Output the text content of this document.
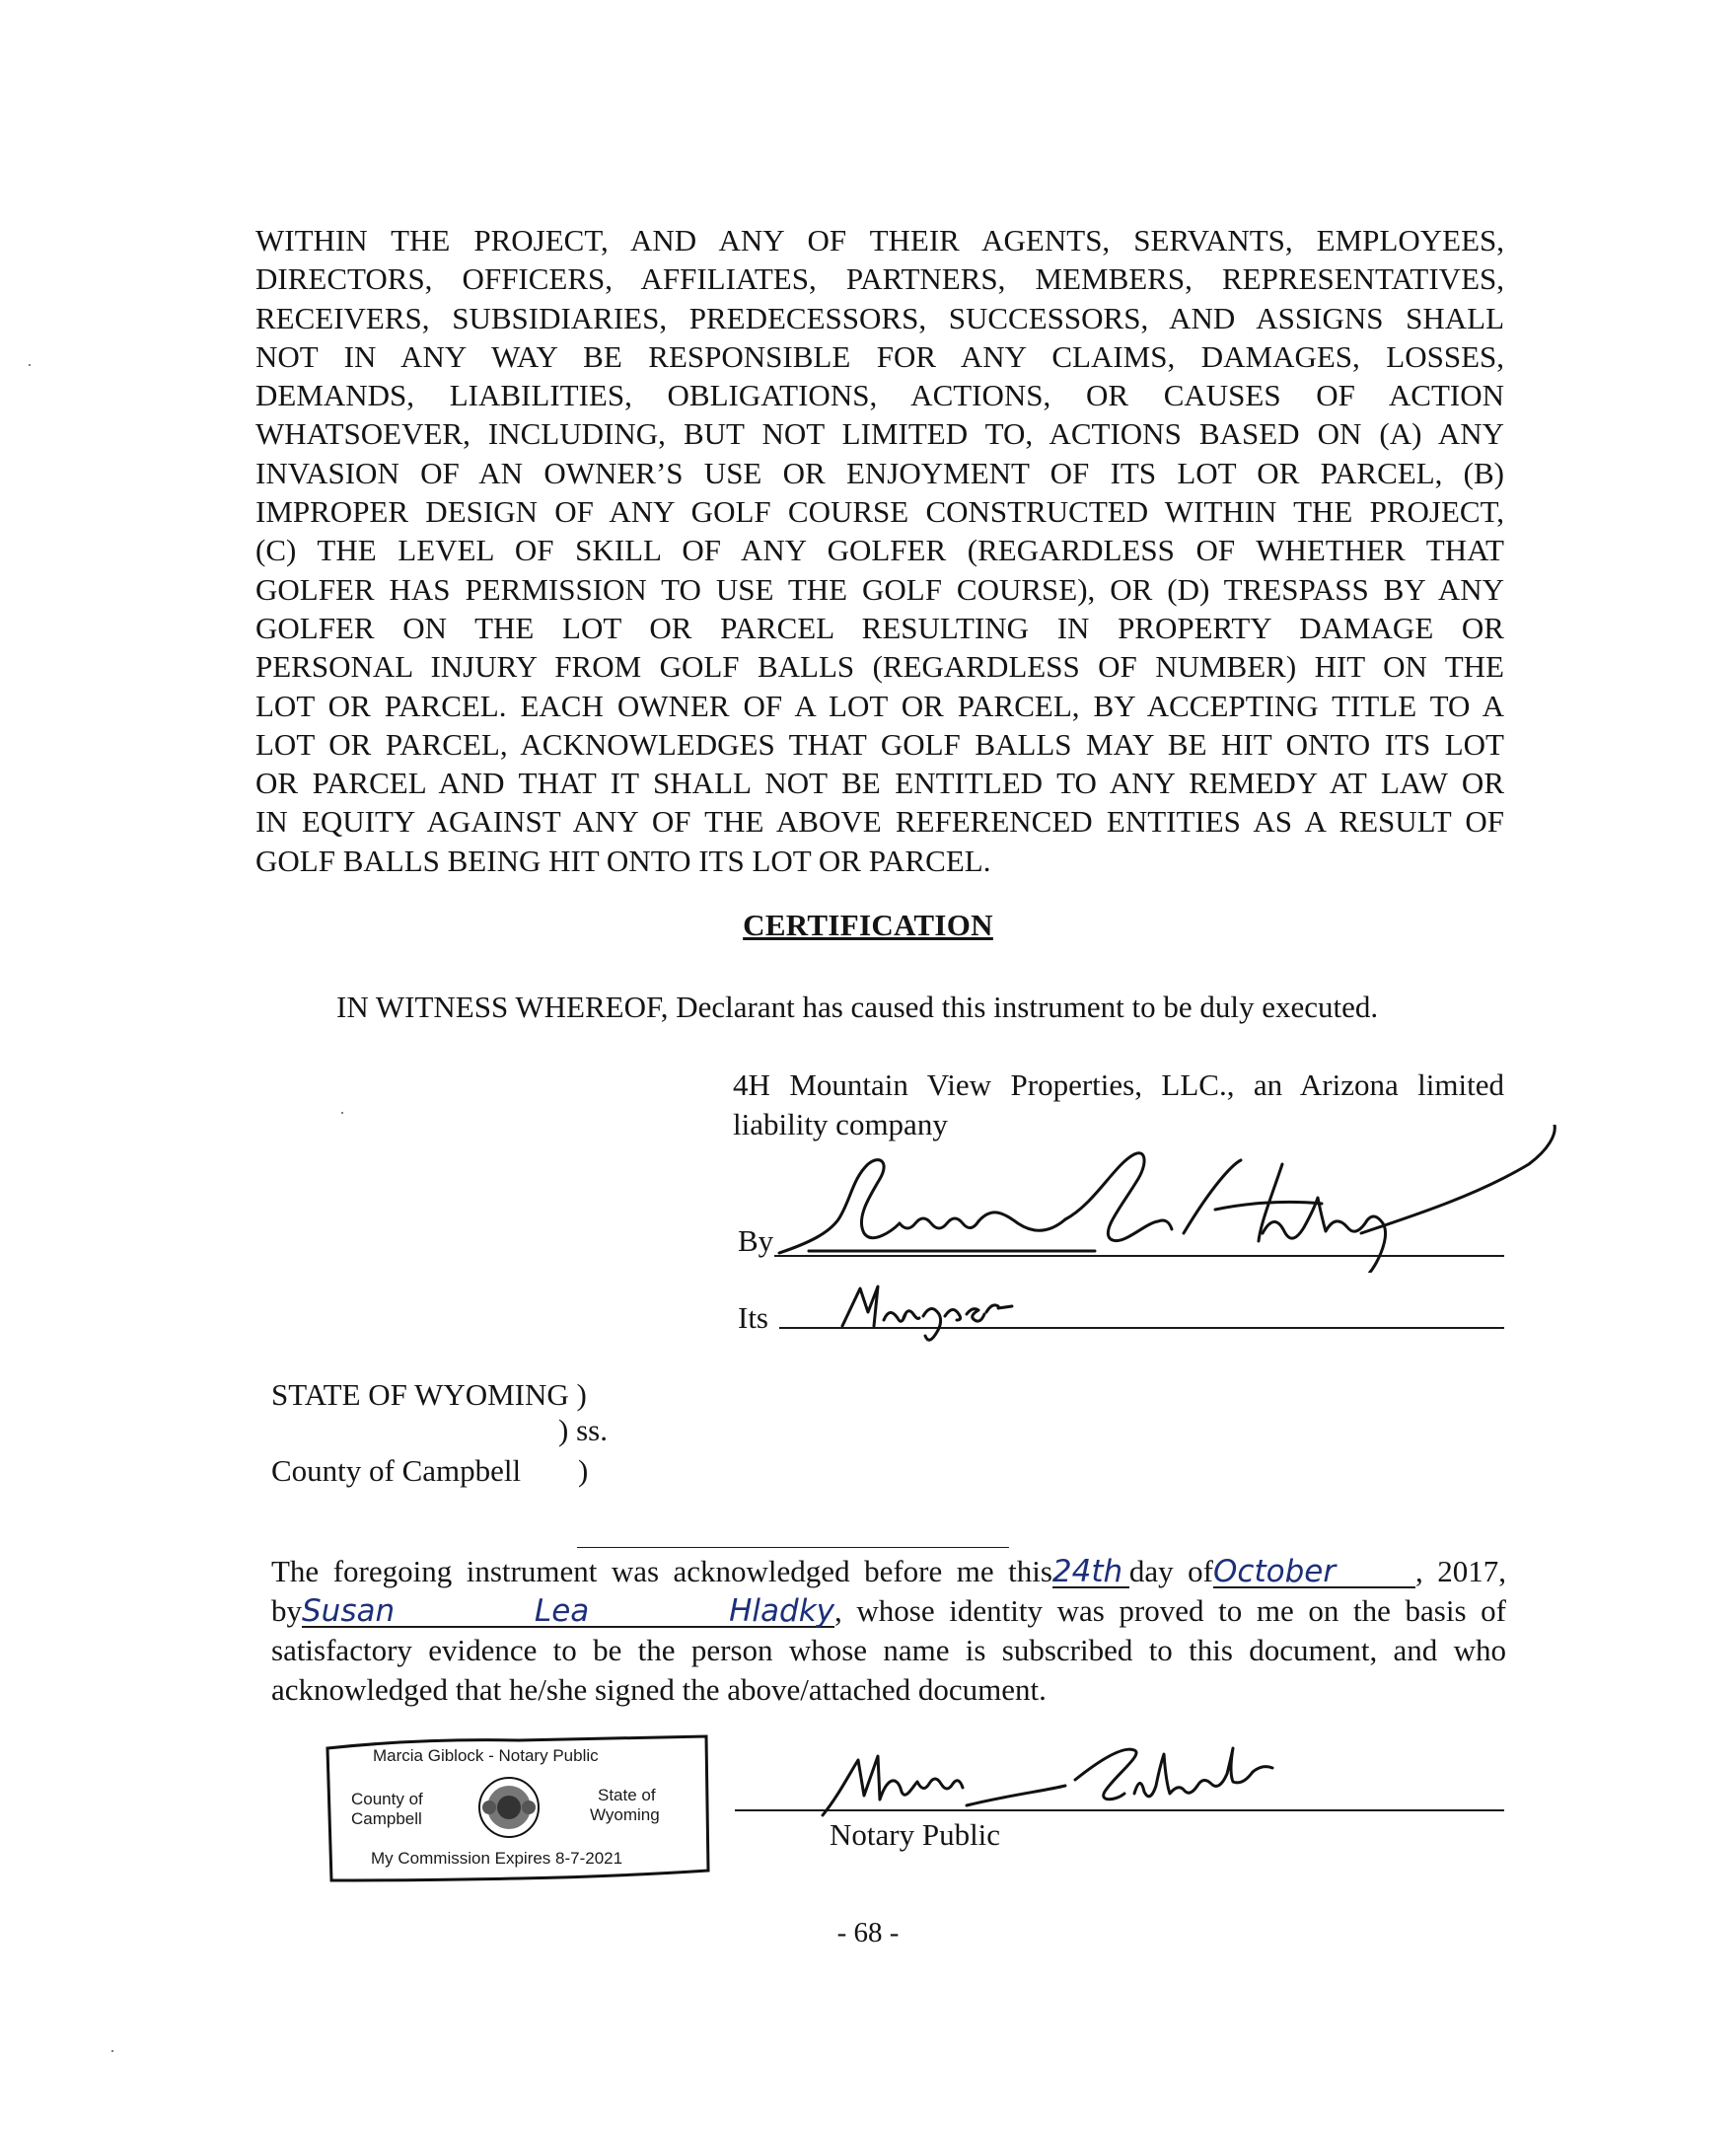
WITHIN THE PROJECT, AND ANY OF THEIR AGENTS, SERVANTS, EMPLOYEES,
DIRECTORS, OFFICERS, AFFILIATES, PARTNERS, MEMBERS, REPRESENTATIVES,
RECEIVERS, SUBSIDIARIES, PREDECESSORS, SUCCESSORS, AND ASSIGNS SHALL
NOT IN ANY WAY BE RESPONSIBLE FOR ANY CLAIMS, DAMAGES, LOSSES,
DEMANDS, LIABILITIES, OBLIGATIONS, ACTIONS, OR CAUSES OF ACTION
WHATSOEVER, INCLUDING, BUT NOT LIMITED TO, ACTIONS BASED ON (A) ANY
INVASION OF AN OWNER’S USE OR ENJOYMENT OF ITS LOT OR PARCEL, (B)
IMPROPER DESIGN OF ANY GOLF COURSE CONSTRUCTED WITHIN THE PROJECT,
(C) THE LEVEL OF SKILL OF ANY GOLFER (REGARDLESS OF WHETHER THAT
GOLFER HAS PERMISSION TO USE THE GOLF COURSE), OR (D) TRESPASS BY ANY
GOLFER ON THE LOT OR PARCEL RESULTING IN PROPERTY DAMAGE OR
PERSONAL INJURY FROM GOLF BALLS (REGARDLESS OF NUMBER) HIT ON THE
LOT OR PARCEL. EACH OWNER OF A LOT OR PARCEL, BY ACCEPTING TITLE TO A
LOT OR PARCEL, ACKNOWLEDGES THAT GOLF BALLS MAY BE HIT ONTO ITS LOT
OR PARCEL AND THAT IT SHALL NOT BE ENTITLED TO ANY REMEDY AT LAW OR
IN EQUITY AGAINST ANY OF THE ABOVE REFERENCED ENTITIES AS A RESULT OF
GOLF BALLS BEING HIT ONTO ITS LOT OR PARCEL.
CERTIFICATION
IN WITNESS WHEREOF, Declarant has caused this instrument to be duly executed.
4H Mountain View Properties, LLC., an Arizona limited
liability company
By
Its
STATE OF WYOMING )
) ss.
County of Campbell )
The foregoing instrument was acknowledged before me this24th day ofOctober	, 2017,
bySusan Lea Hladky, whose identity was proved to me on the basis of
satisfactory evidence to be the person whose name is subscribed to this document, and who
acknowledged that he/she signed the above/attached document.
Marcia Giblock - Notary Public
County of
Campbell
State of
Wyoming
My Commission Expires 8-7-2021
Notary Public
- 68 -
